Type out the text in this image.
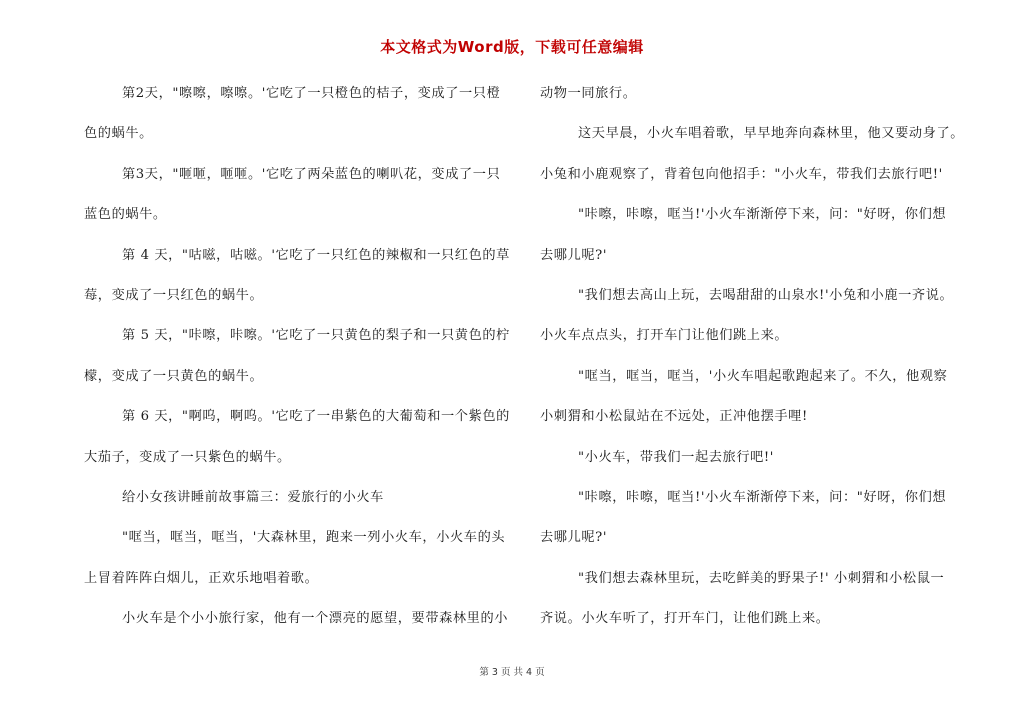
本文格式为Word版，下载可任意编辑
第2天，"嚓嚓，嚓嚓。'它吃了一只橙色的桔子，变成了一只橙
色的蜗牛。
第3天，"咂咂，咂咂。'它吃了两朵蓝色的喇叭花，变成了一只
蓝色的蜗牛。
第 4 天，"咕嗞，咕嗞。'它吃了一只红色的辣椒和一只红色的草
莓，变成了一只红色的蜗牛。
第 5 天，"咔嚓，咔嚓。'它吃了一只黄色的梨子和一只黄色的柠
檬，变成了一只黄色的蜗牛。
第 6 天，"啊呜，啊呜。'它吃了一串紫色的大葡萄和一个紫色的
大茄子，变成了一只紫色的蜗牛。
给小女孩讲睡前故事篇三：爱旅行的小火车
"哐当，哐当，哐当，'大森林里，跑来一列小火车，小火车的头
上冒着阵阵白烟儿，正欢乐地唱着歌。
小火车是个小小旅行家，他有一个漂亮的愿望，要带森林里的小
动物一同旅行。
这天早晨，小火车唱着歌，早早地奔向森林里，他又要动身了。
小兔和小鹿观察了，背着包向他招手："小火车，带我们去旅行吧!'
"咔嚓，咔嚓，哐当!'小火车渐渐停下来，问："好呀，你们想
去哪儿呢?'
"我们想去高山上玩，去喝甜甜的山泉水!'小兔和小鹿一齐说。
小火车点点头，打开车门让他们跳上来。
"哐当，哐当，哐当，'小火车唱起歌跑起来了。不久，他观察
小刺猬和小松鼠站在不远处，正冲他摆手哩!
"小火车，带我们一起去旅行吧!'
"咔嚓，咔嚓，哐当!'小火车渐渐停下来，问："好呀，你们想
去哪儿呢?'
"我们想去森林里玩，去吃鲜美的野果子!' 小刺猬和小松鼠一
齐说。小火车听了，打开车门，让他们跳上来。
第 3 页 共 4 页
